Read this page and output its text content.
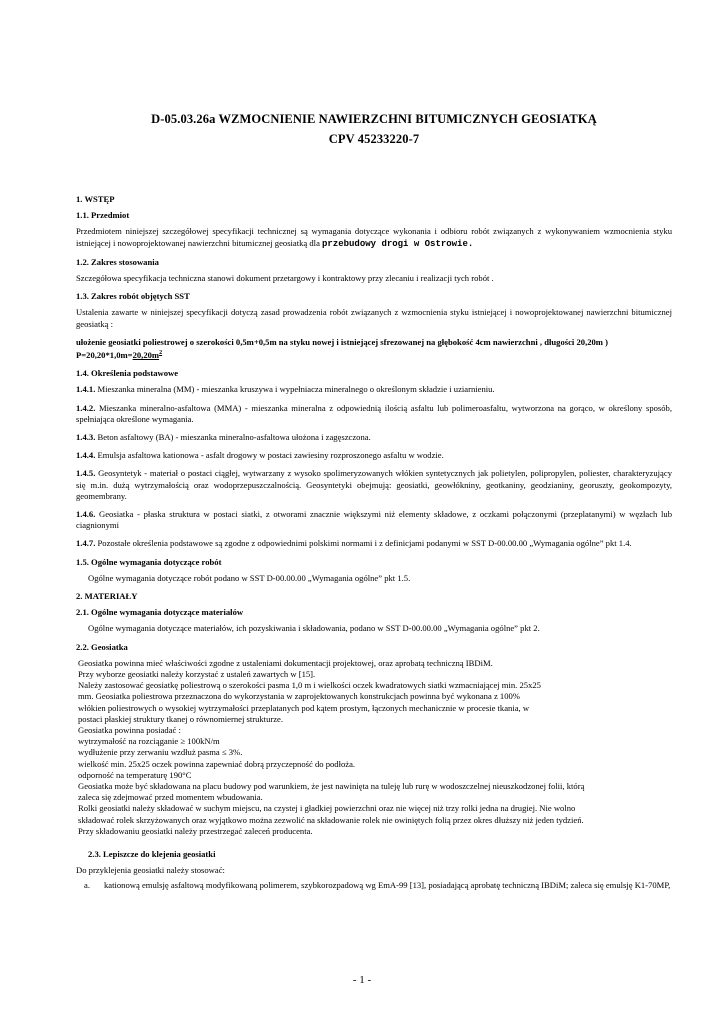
D-05.03.26a WZMOCNIENIE NAWIERZCHNI BITUMICZNYCH GEOSIATKĄ
CPV 45233220-7
1. WSTĘP
1.1. Przedmiot
Przedmiotem niniejszej szczegółowej specyfikacji technicznej są wymagania dotyczące wykonania i odbioru robót związanych z wykonywaniem wzmocnienia styku istniejącej i nowoprojektowanej nawierzchni bitumicznej geosiatką dla przebudowy drogi w Ostrowie.
1.2. Zakres stosowania
Szczegółowa specyfikacja techniczna stanowi dokument przetargowy i kontraktowy przy zlecaniu i realizacji tych robót .
1.3. Zakres robót objętych SST
Ustalenia zawarte w niniejszej specyfikacji dotyczą zasad prowadzenia robót związanych z wzmocnienia styku istniejącej i nowoprojektowanej nawierzchni bitumicznej geosiatką :
ułożenie geosiatki poliestrowej o szerokości 0,5m+0,5m na styku nowej i istniejącej sfrezowanej na głębokość 4cm nawierzchni , długości 20,20m )$P=20,20*1,0m=20,20m^2$
1.4. Określenia podstawowe
1.4.1. Mieszanka mineralna (MM) - mieszanka kruszywa i wypełniacza mineralnego o określonym składzie i uziarnieniu.
1.4.2. Mieszanka mineralno-asfaltowa (MMA) - mieszanka mineralna z odpowiednią ilością asfaltu lub polimeroasfaltu, wytworzona na gorąco, w określony sposób, spełniająca określone wymagania.
1.4.3. Beton asfaltowy (BA) - mieszanka mineralno-asfaltowa ułożona i zagęszczona.
1.4.4. Emulsja asfaltowa kationowa - asfalt drogowy w postaci zawiesiny rozproszonego asfaltu w wodzie.
1.4.5. Geosyntetyk - materiał o postaci ciągłej, wytwarzany z wysoko spolimeryzowanych włókien syntetycznych jak polietylen, polipropylen, poliester, charakteryzujący się m.in. dużą wytrzymałością oraz wodoprzepuszczalnością. Geosyntetyki obejmują: geosiatki, geowłókniny, geotkaniny, geodzianiny, georuszty, geokompozyty, geomembrany.
1.4.6. Geosiatka - płaska struktura w postaci siatki, z otworami znacznie większymi niż elementy składowe, z oczkami połączonymi (przeplatanymi) w węzłach lub ciagnionymi
1.4.7. Pozostałe określenia podstawowe są zgodne z odpowiednimi polskimi normami i z definicjami podanymi w SST D-00.00.00 „Wymagania ogólne” pkt 1.4.
1.5. Ogólne wymagania dotyczące robót
Ogólne wymagania dotyczące robót podano w SST D-00.00.00 „Wymagania ogólne” pkt 1.5.
2. MATERIAŁY
2.1. Ogólne wymagania dotyczące materiałów
Ogólne wymagania dotyczące materiałów, ich pozyskiwania i składowania, podano w SST D-00.00.00 „Wymagania ogólne” pkt 2.
2.2. Geosiatka
Geosiatka powinna mieć właściwości zgodne z ustaleniami dokumentacji projektowej, oraz aprobatą techniczną IBDiM.
Przy wyborze geosiatki należy korzystać z ustaleń zawartych w [15].
Należy zastosować geosiatkę poliestrową o szerokości pasma 1,0 m i wielkości oczek kwadratowych siatki wzmacniającej min. 25x25
mm. Geosiatka poliestrowa przeznaczona do wykorzystania w zaprojektowanych konstrukcjach powinna być wykonana z 100%
włókien poliestrowych o wysokiej wytrzymałości przeplatanych pod kątem prostym, łączonych mechanicznie w procesie tkania, w
postaci płaskiej struktury tkanej o równomiernej strukturze.
Geosiatka powinna posiadać :
wytrzymałość na rozciąganie ≥ 100kN/m
wydłużenie przy zerwaniu wzdłuż pasma ≤ 3%.
wielkość min. 25x25 oczek powinna zapewniać dobrą przyczepność do podłoża.
odporność na temperaturę 190°C
Geosiatka może być składowana na placu budowy pod warunkiem, że jest nawinięta na tuleję lub rurę w wodoszczelnej nieuszkodzonej folii, którą
zaleca się zdejmować przed momentem wbudowania.
Rolki geosiatki należy składować w suchym miejscu, na czystej i gładkiej powierzchni oraz nie więcej niż trzy rolki jedna na drugiej. Nie wolno
składować rolek skrzyżowanych oraz wyjątkowo można zezwolić na składowanie rolek nie owiniętych folią przez okres dłuższy niż jeden tydzień.
Przy składowaniu geosiatki należy przestrzegać zaleceń producenta.
2.3. Lepiszcze do klejenia geosiatki
Do przyklejenia geosiatki należy stosować:
a.	kationową emulsję asfaltową modyfikowaną polimerem, szybkorozpadową wg EmA-99 [13], posiadającą aprobatę techniczną IBDiM; zaleca się emulsję K1-70MP,
- 1 -
